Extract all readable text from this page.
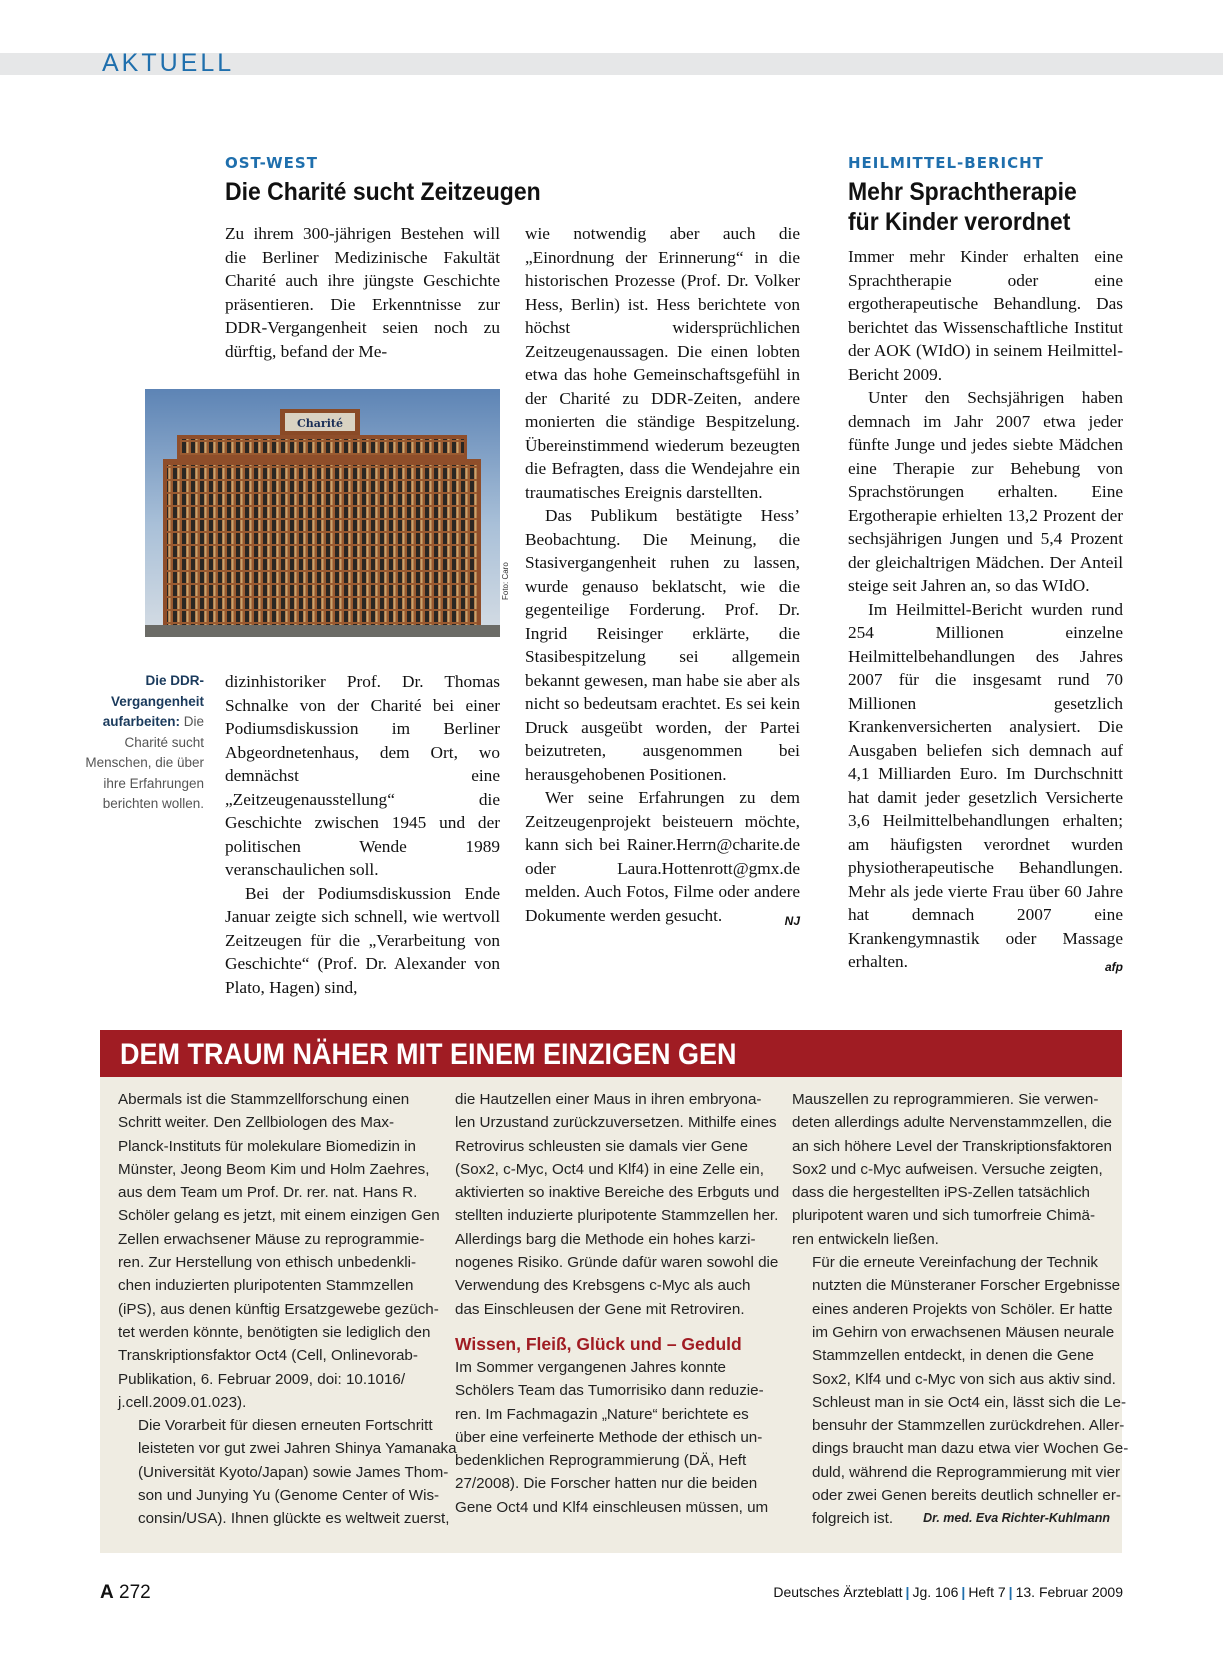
AKTUELL
OST-WEST
Die Charité sucht Zeitzeugen

Zu ihrem 300-jährigen Bestehen will die Berliner Medizinische Fakultät Charité auch ihre jüngste Geschichte präsentieren. Die Erkenntnisse zur DDR-Vergangenheit seien noch zu dürftig, befand der Me-

Charité
Foto: Caro
Die DDR-Vergangenheit aufarbeiten: Die Charité sucht Menschen, die über ihre Erfahrungen berichten wollen.

dizinhistoriker Prof. Dr. Thomas Schnalke von der Charité bei einer Podiumsdiskussion im Berliner Abgeordnetenhaus, dem Ort, wo demnächst eine „Zeitzeugenausstellung“ die Geschichte zwischen 1945 und der politischen Wende 1989 veranschaulichen soll.

Bei der Podiumsdiskussion Ende Januar zeigte sich schnell, wie wertvoll Zeitzeugen für die „Verarbeitung von Geschichte“ (Prof. Dr. Alexander von Plato, Hagen) sind,

wie notwendig aber auch die „Einordnung der Erinnerung“ in die historischen Prozesse (Prof. Dr. Volker Hess, Berlin) ist. Hess berichtete von höchst widersprüchlichen Zeitzeugenaussagen. Die einen lobten etwa das hohe Gemeinschaftsgefühl in der Charité zu DDR-Zeiten, andere monierten die ständige Bespitzelung. Übereinstimmend wiederum bezeugten die Befragten, dass die Wendejahre ein traumatisches Ereignis darstellten.

Das Publikum bestätigte Hess’ Beobachtung. Die Meinung, die Stasivergangenheit ruhen zu lassen, wurde genauso beklatscht, wie die gegenteilige Forderung. Prof. Dr. Ingrid Reisinger erklärte, die Stasibespitzelung sei allgemein bekannt gewesen, man habe sie aber als nicht so bedeutsam erachtet. Es sei kein Druck ausgeübt worden, der Partei beizutreten, ausgenommen bei herausgehobenen Positionen.

Wer seine Erfahrungen zu dem Zeitzeugenprojekt beisteuern möchte, kann sich bei Rainer.Herrn@charite.de oder Laura.Hottenrott@gmx.de melden. Auch Fotos, Filme oder andere Dokumente werden gesucht.	NJ

HEILMITTEL-BERICHT
Mehr Sprachtherapie
für Kinder verordnet

Immer mehr Kinder erhalten eine Sprachtherapie oder eine ergotherapeutische Behandlung. Das berichtet das Wissenschaftliche Institut der AOK (WIdO) in seinem Heilmittel-Bericht 2009.

Unter den Sechsjährigen haben demnach im Jahr 2007 etwa jeder fünfte Junge und jedes siebte Mädchen eine Therapie zur Behebung von Sprachstörungen erhalten. Eine Ergotherapie erhielten 13,2 Prozent der sechsjährigen Jungen und 5,4 Prozent der gleichaltrigen Mädchen. Der Anteil steige seit Jahren an, so das WIdO.

Im Heilmittel-Bericht wurden rund 254 Millionen einzelne Heilmittelbehandlungen des Jahres 2007 für die insgesamt rund 70 Millionen gesetzlich Krankenversicherten analysiert. Die Ausgaben beliefen sich demnach auf 4,1 Milliarden Euro. Im Durchschnitt hat damit jeder gesetzlich Versicherte 3,6 Heilmittelbehandlungen erhalten; am häufigsten verordnet wurden physiotherapeutische Behandlungen. Mehr als jede vierte Frau über 60 Jahre hat demnach 2007 eine Krankengymnastik oder Massage erhalten.	afp

DEM TRAUM NÄHER MIT EINEM EINZIGEN GEN

Abermals ist die Stammzellforschung einen
Schritt weiter. Den Zellbiologen des Max-
Planck-Instituts für molekulare Biomedizin in
Münster, Jeong Beom Kim und Holm Zaehres,
aus dem Team um Prof. Dr. rer. nat. Hans R.
Schöler gelang es jetzt, mit einem einzigen Gen
Zellen erwachsener Mäuse zu reprogrammie-
ren. Zur Herstellung von ethisch unbedenkli-
chen induzierten pluripotenten Stammzellen
(iPS), aus denen künftig Ersatzgewebe gezüch-
tet werden könnte, benötigten sie lediglich den
Transkriptionsfaktor Oct4 (Cell, Onlinevorab-
Publikation, 6. Februar 2009, doi: 10.1016/
j.cell.2009.01.023).

Die Vorarbeit für diesen erneuten Fortschritt
leisteten vor gut zwei Jahren Shinya Yamanaka
(Universität Kyoto/Japan) sowie James Thom-
son und Junying Yu (Genome Center of Wis-
consin/USA). Ihnen glückte es weltweit zuerst,

die Hautzellen einer Maus in ihren embryona-
len Urzustand zurückzuversetzen. Mithilfe eines
Retrovirus schleusten sie damals vier Gene
(Sox2, c-Myc, Oct4 und Klf4) in eine Zelle ein,
aktivierten so inaktive Bereiche des Erbguts und
stellten induzierte pluripotente Stammzellen her.
Allerdings barg die Methode ein hohes karzi-
nogenes Risiko. Gründe dafür waren sowohl die
Verwendung des Krebsgens c-Myc als auch
das Einschleusen der Gene mit Retroviren.

Wissen, Fleiß, Glück und – Geduld

Im Sommer vergangenen Jahres konnte
Schölers Team das Tumorrisiko dann reduzie-
ren. Im Fachmagazin „Nature“ berichtete es
über eine verfeinerte Methode der ethisch un-
bedenklichen Reprogrammierung (DÄ, Heft
27/2008). Die Forscher hatten nur die beiden
Gene Oct4 und Klf4 einschleusen müssen, um

Mauszellen zu reprogrammieren. Sie verwen-
deten allerdings adulte Nervenstammzellen, die
an sich höhere Level der Transkriptionsfaktoren
Sox2 und c-Myc aufweisen. Versuche zeigten,
dass die hergestellten iPS-Zellen tatsächlich
pluripotent waren und sich tumorfreie Chimä-
ren entwickeln ließen.

Für die erneute Vereinfachung der Technik
nutzten die Münsteraner Forscher Ergebnisse
eines anderen Projekts von Schöler. Er hatte
im Gehirn von erwachsenen Mäusen neurale
Stammzellen entdeckt, in denen die Gene
Sox2, Klf4 und c-Myc von sich aus aktiv sind.
Schleust man in sie Oct4 ein, lässt sich die Le-
bensuhr der Stammzellen zurückdrehen. Aller-
dings braucht man dazu etwa vier Wochen Ge-
duld, während die Reprogrammierung mit vier
oder zwei Genen bereits deutlich schneller er-
folgreich ist.	Dr. med. Eva Richter-Kuhlmann

A 272	Deutsches Ärzteblatt | Jg. 106 | Heft 7 | 13. Februar 2009
